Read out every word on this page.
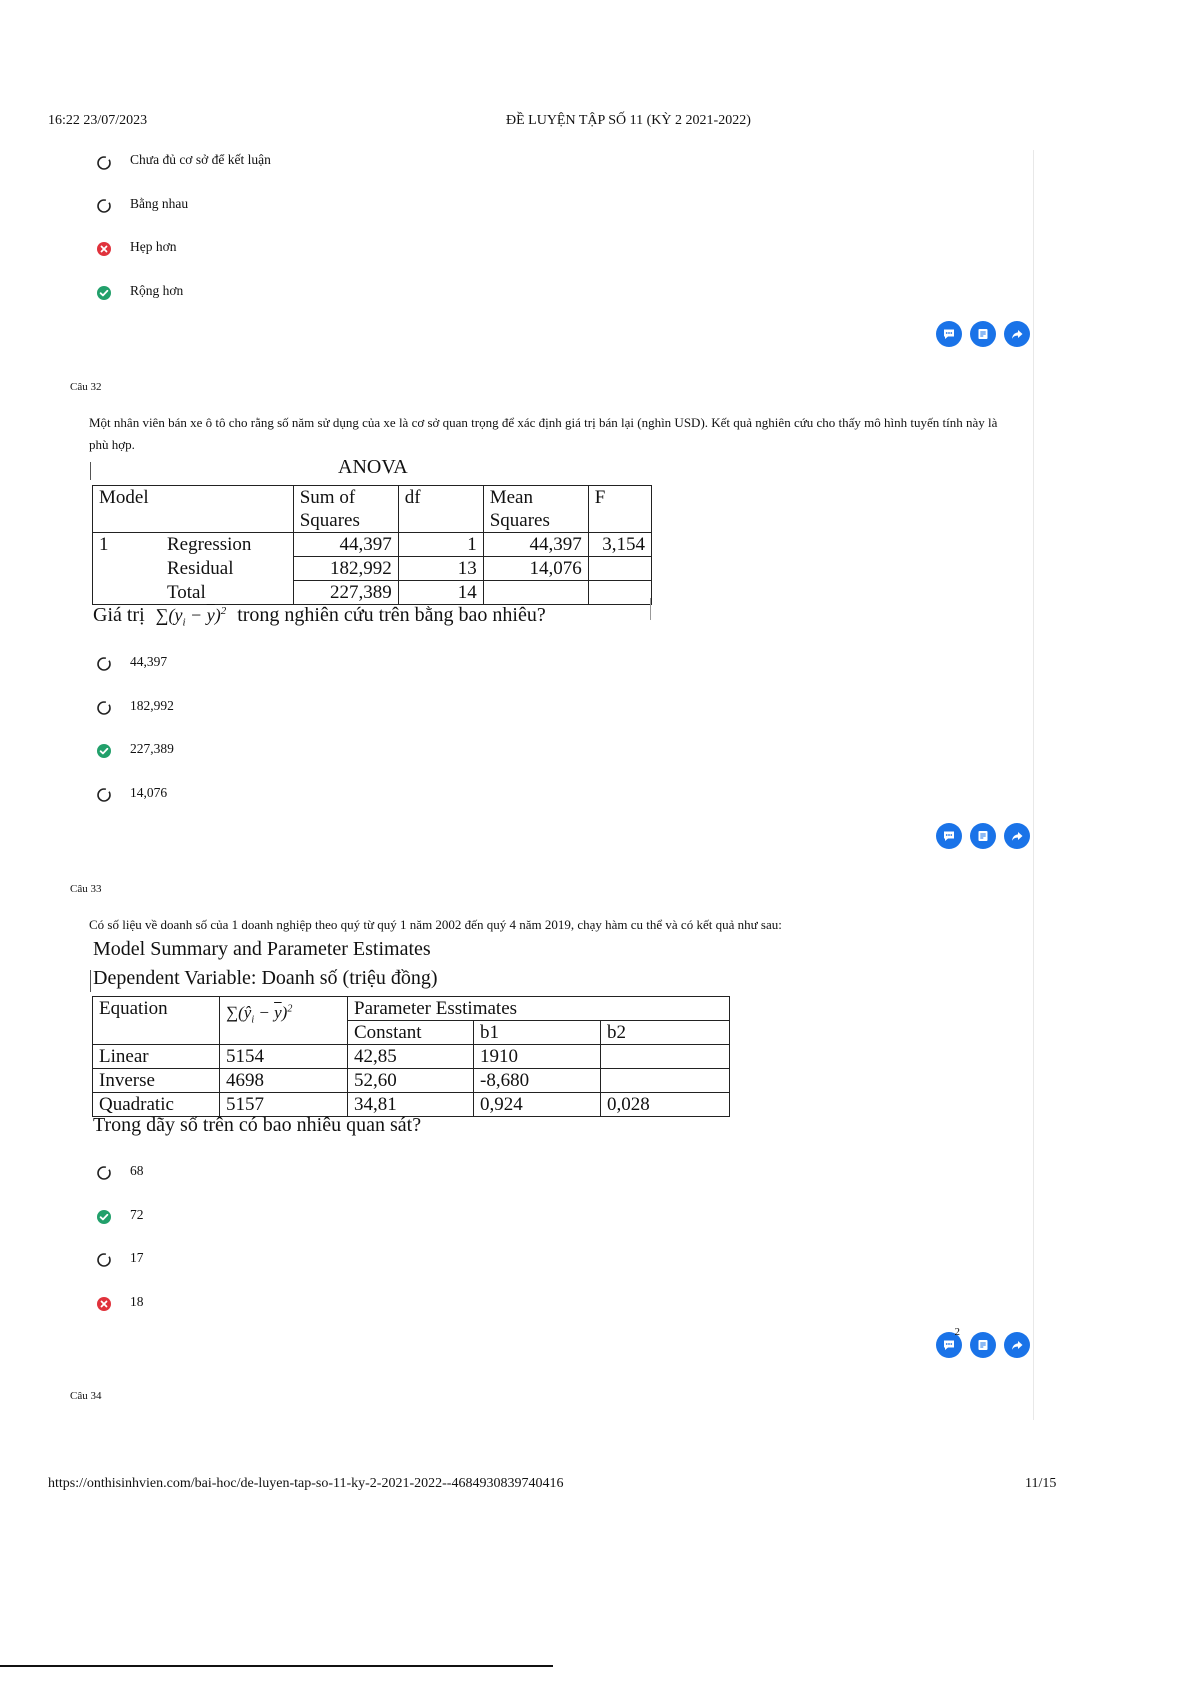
16:22 23/07/2023	ĐỀ LUYỆN TẬP SỐ 11 (KỲ 2 2021-2022)
Chưa đủ cơ sở để kết luận
Bằng nhau
Hẹp hơn
Rộng hơn
Câu 32
Một nhân viên bán xe ô tô cho rằng số năm sử dụng của xe là cơ sở quan trọng để xác định giá trị bán lại (nghìn USD). Kết quả nghiên cứu cho thấy mô hình tuyến tính này là phù hợp.
ANOVA
Model		Sum of Squares	df	Mean Squares	F
1	Regression	44,397	1	44,397	3,154
	Residual	182,992	13	14,076	
	Total	227,389	14		
Giá trị $\sum(y_i - \overline{y})^2$ trong nghiên cứu trên bằng bao nhiêu?
44,397
182,992
227,389
14,076
Câu 33
Có số liệu về doanh số của 1 doanh nghiệp theo quý từ quý 1 năm 2002 đến quý 4 năm 2019, chạy hàm cu thể và có kết quả như sau:
Model Summary and Parameter Estimates
Dependent Variable: Doanh số (triệu đồng)
Equation	$\sum(ŷ_i - \overline{y})^2$	Parameter Esstimates		
		Constant	b1	b2
Linear	5154	42,85	1910	
Inverse	4698	52,60	-8,680	
Quadratic	5157	34,81	0,924	0,028
Trong dãy số trên có bao nhiêu quan sát?
68
72
17
18
2
Câu 34
https://onthisinhvien.com/bai-hoc/de-luyen-tap-so-11-ky-2-2021-2022--4684930839740416	11/15
